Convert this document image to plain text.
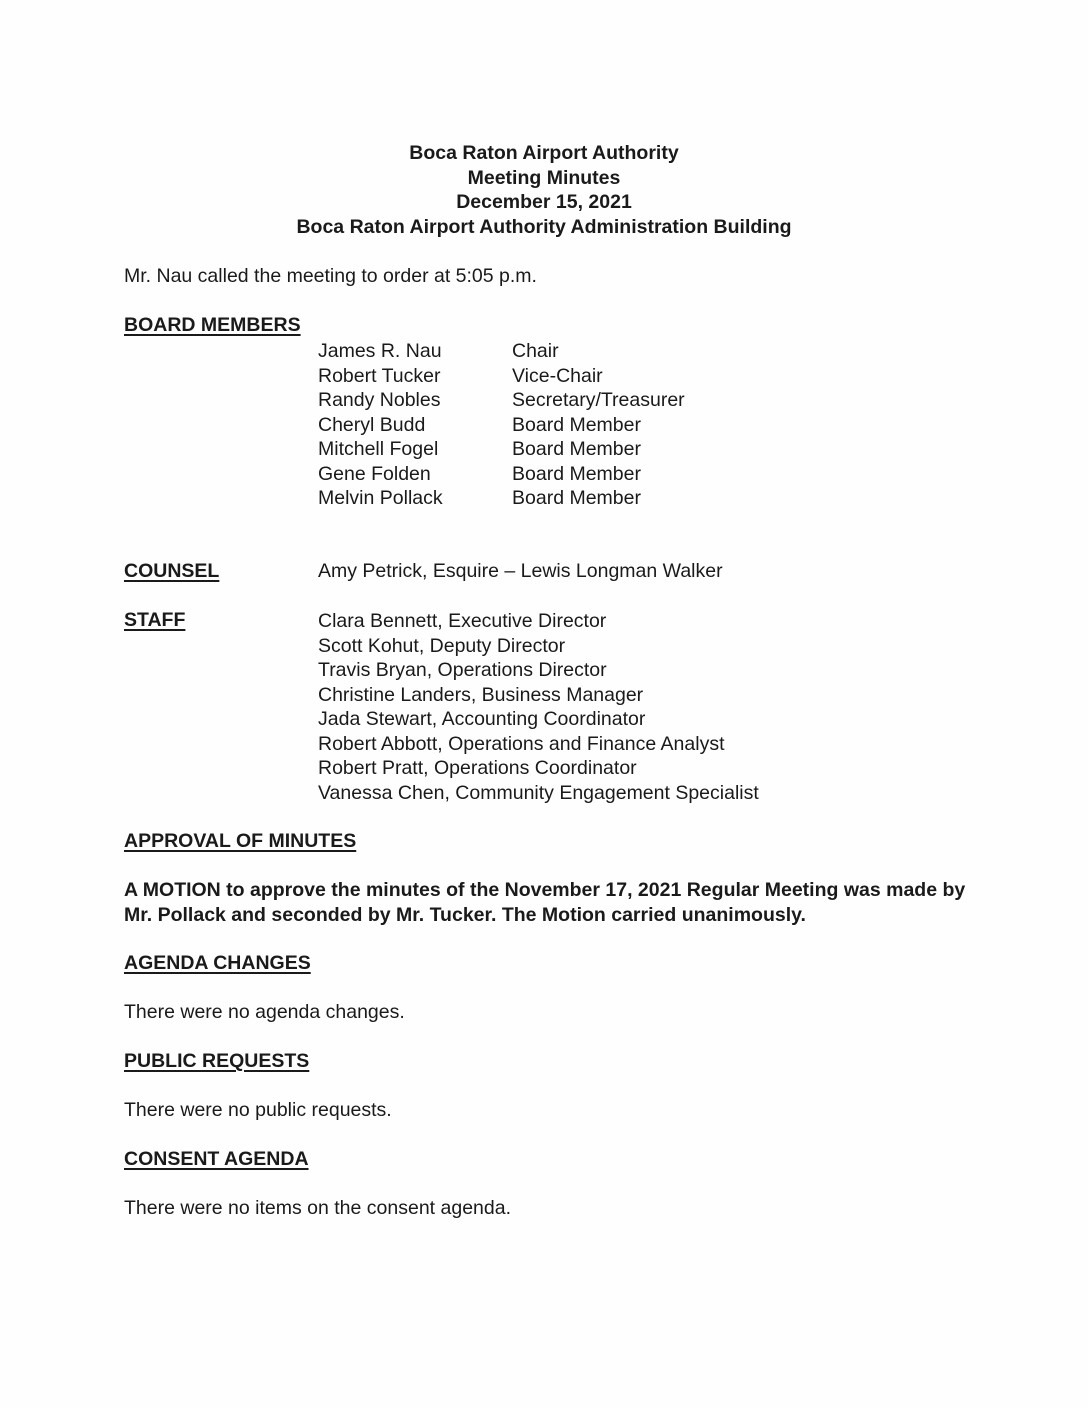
Boca Raton Airport Authority
Meeting Minutes
December 15, 2021
Boca Raton Airport Authority Administration Building
Mr. Nau called the meeting to order at 5:05 p.m.
BOARD MEMBERS
James R. Nau	Chair
Robert Tucker	Vice-Chair
Randy Nobles	Secretary/Treasurer
Cheryl Budd	Board Member
Mitchell Fogel	Board Member
Gene Folden	Board Member
Melvin Pollack	Board Member
COUNSEL	Amy Petrick, Esquire – Lewis Longman Walker
STAFF	Clara Bennett, Executive Director
Scott Kohut, Deputy Director
Travis Bryan, Operations Director
Christine Landers, Business Manager
Jada Stewart, Accounting Coordinator
Robert Abbott, Operations and Finance Analyst
Robert Pratt, Operations Coordinator
Vanessa Chen, Community Engagement Specialist
APPROVAL OF MINUTES
A MOTION to approve the minutes of the November 17, 2021 Regular Meeting was made by Mr. Pollack and seconded by Mr. Tucker. The Motion carried unanimously.
AGENDA CHANGES
There were no agenda changes.
PUBLIC REQUESTS
There were no public requests.
CONSENT AGENDA
There were no items on the consent agenda.
